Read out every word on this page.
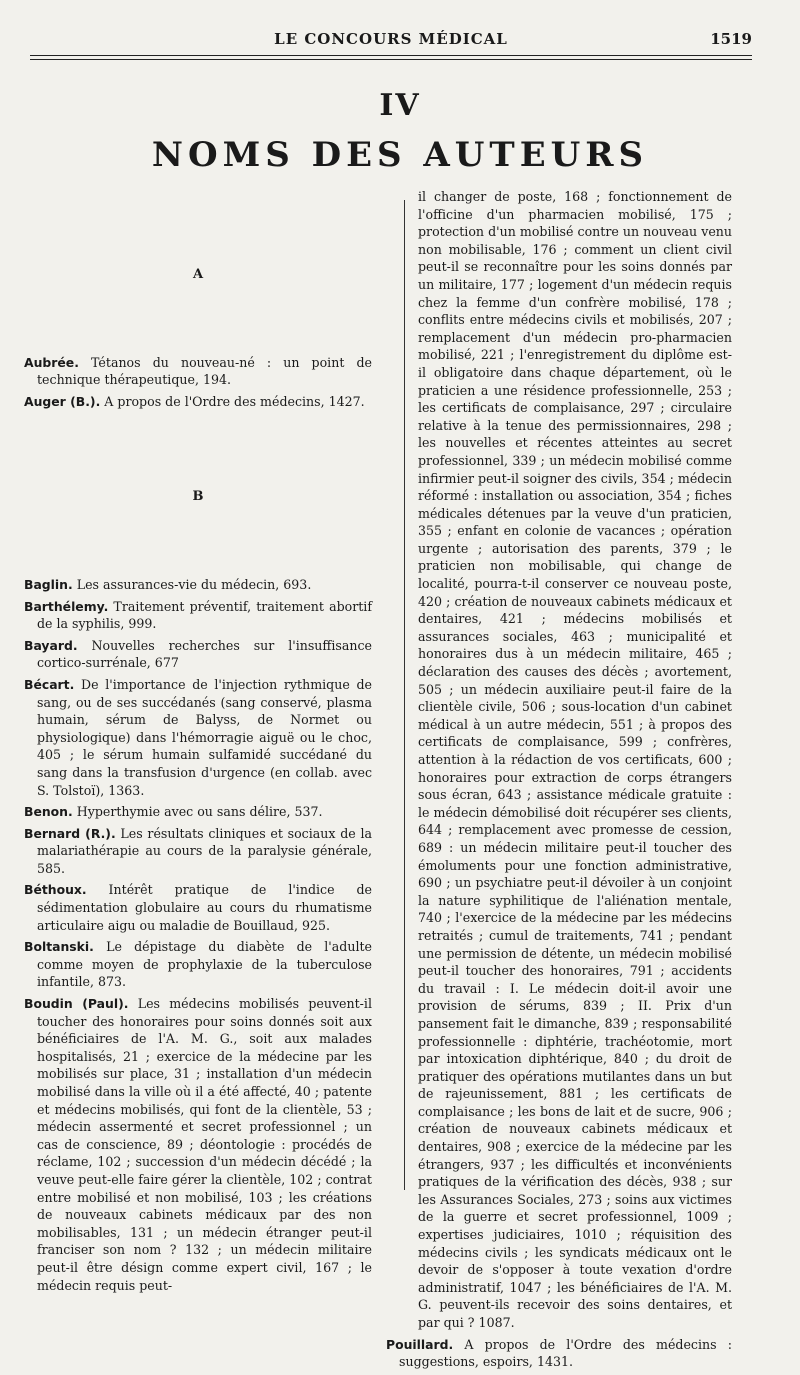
LE CONCOURS MÉDICAL	1519
IV
NOMS DES AUTEURS
A

Aubrée. Tétanos du nouveau-né : un point de technique thérapeutique, 194.

Auger (B.). A propos de l'Ordre des médecins, 1427.

B

Baglin. Les assurances-vie du médecin, 693.

Barthélemy. Traitement préventif, traitement abortif de la syphilis, 999.

Bayard. Nouvelles recherches sur l'insuffisance cortico-surrénale, 677

Bécart. De l'importance de l'injection rythmique de sang, ou de ses succédanés (sang conservé, plasma humain, sérum de Balyss, de Normet ou physiologique) dans l'hémorragie aiguë ou le choc, 405 ; le sérum humain sulfamidé succédané du sang dans la transfusion d'urgence (en collab. avec S. Tolstoï), 1363.

Benon. Hyperthymie avec ou sans délire, 537.

Bernard (R.). Les résultats cliniques et sociaux de la malariathérapie au cours de la paralysie générale, 585.

Béthoux. Intérêt pratique de l'indice de sédimentation globulaire au cours du rhumatisme articulaire aigu ou maladie de Bouillaud, 925.

Boltanski. Le dépistage du diabète de l'adulte comme moyen de prophylaxie de la tuberculose infantile, 873.

Boudin (Paul). Les médecins mobilisés peuvent-il toucher des honoraires pour soins donnés soit aux bénéficiaires de l'A. M. G., soit aux malades hospitalisés, 21 ; exercice de la médecine par les mobilisés sur place, 31 ; installation d'un médecin mobilisé dans la ville où il a été affecté, 40 ; patente et médecins mobilisés, qui font de la clientèle, 53 ; médecin assermenté et secret professionnel ; un cas de conscience, 89 ; déontologie : procédés de réclame, 102 ; succession d'un médecin décédé ; la veuve peut-elle faire gérer la clientèle, 102 ; contrat entre mobilisé et non mobilisé, 103 ; les créations de nouveaux cabinets médicaux par des non mobilisables, 131 ; un médecin étranger peut-il franciser son nom ? 132 ; un médecin militaire peut-il être désign comme expert civil, 167 ; le médecin requis peut-

il changer de poste, 168 ; fonctionnement de l'officine d'un pharmacien mobilisé, 175 ; protection d'un mobilisé contre un nouveau venu non mobilisable, 176 ; comment un client civil peut-il se reconnaître pour les soins donnés par un militaire, 177 ; logement d'un médecin requis chez la femme d'un confrère mobilisé, 178 ; conflits entre médecins civils et mobilisés, 207 ; remplacement d'un médecin pro-pharmacien mobilisé, 221 ; l'enregistrement du diplôme est-il obligatoire dans chaque département, où le praticien a une résidence professionnelle, 253 ; les certificats de complaisance, 297 ; circulaire relative à la tenue des permissionnaires, 298 ; les nouvelles et récentes atteintes au secret professionnel, 339 ; un médecin mobilisé comme infirmier peut-il soigner des civils, 354 ; médecin réformé : installation ou association, 354 ; fiches médicales détenues par la veuve d'un praticien, 355 ; enfant en colonie de vacances ; opération urgente ; autorisation des parents, 379 ; le praticien non mobilisable, qui change de localité, pourra-t-il conserver ce nouveau poste, 420 ; création de nouveaux cabinets médicaux et dentaires, 421 ; médecins mobilisés et assurances sociales, 463 ; municipalité et honoraires dus à un médecin militaire, 465 ; déclaration des causes des décès ; avortement, 505 ; un médecin auxiliaire peut-il faire de la clientèle civile, 506 ; sous-location d'un cabinet médical à un autre médecin, 551 ; à propos des certificats de complaisance, 599 ; confrères, attention à la rédaction de vos certificats, 600 ; honoraires pour extraction de corps étrangers sous écran, 643 ; assistance médicale gratuite : le médecin démobilisé doit récupérer ses clients, 644 ; remplacement avec promesse de cession, 689 : un médecin militaire peut-il toucher des émoluments pour une fonction administrative, 690 ; un psychiatre peut-il dévoiler à un conjoint la nature syphilitique de l'aliénation mentale, 740 ; l'exercice de la médecine par les médecins retraités ; cumul de traitements, 741 ; pendant une permission de détente, un médecin mobilisé peut-il toucher des honoraires, 791 ; accidents du travail : I. Le médecin doit-il avoir une provision de sérums, 839 ; II. Prix d'un pansement fait le dimanche, 839 ; responsabilité professionnelle : diphtérie, trachéotomie, mort par intoxication diphtérique, 840 ; du droit de pratiquer des opérations mutilantes dans un but de rajeunissement, 881 ; les certificats de complaisance ; les bons de lait et de sucre, 906 ; création de nouveaux cabinets médicaux et dentaires, 908 ; exercice de la médecine par les étrangers, 937 ; les difficultés et inconvénients pratiques de la vérification des décès, 938 ; sur les Assurances Sociales, 273 ; soins aux victimes de la guerre et secret professionnel, 1009 ; expertises judiciaires, 1010 ; réquisition des médecins civils ; les syndicats médicaux ont le devoir de s'opposer à toute vexation d'ordre administratif, 1047 ; les bénéficiaires de l'A. M. G. peuvent-ils recevoir des soins dentaires, et par qui ? 1087.

Pouillard. A propos de l'Ordre des médecins : suggestions, espoirs, 1431.
